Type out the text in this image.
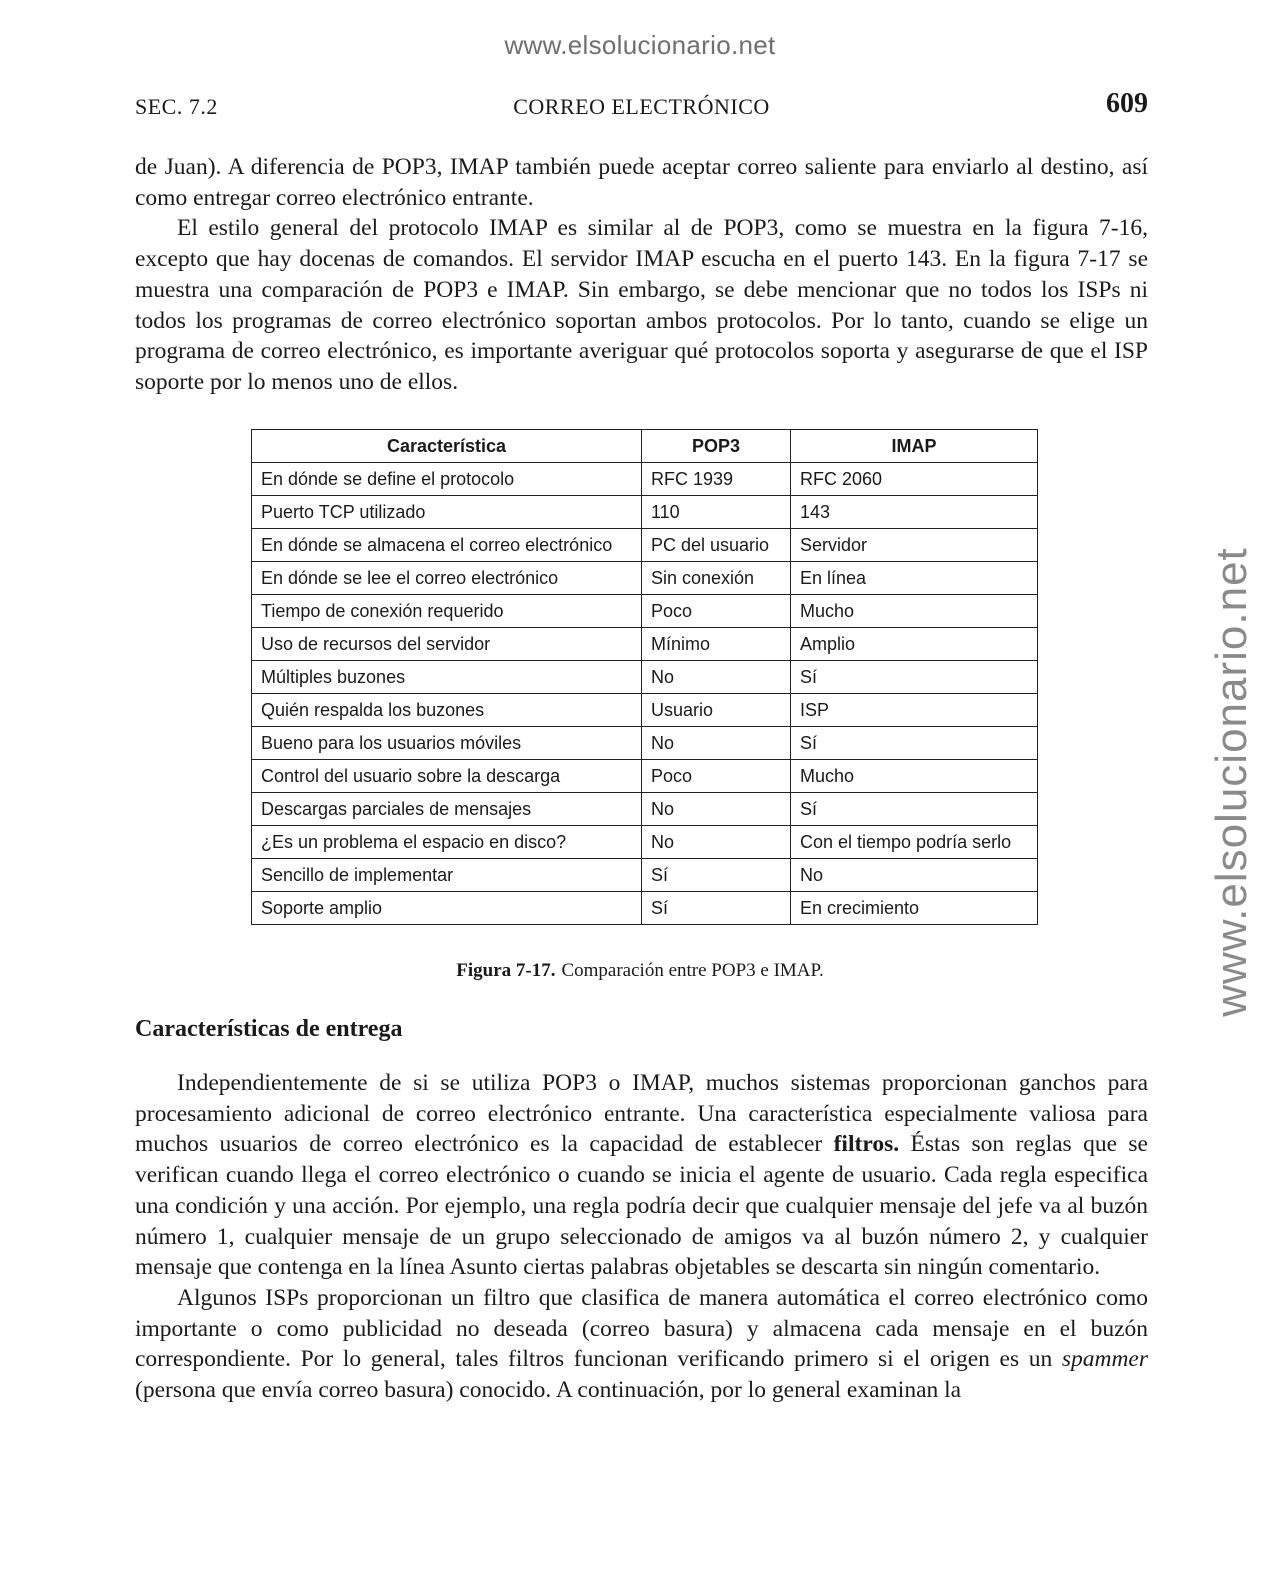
www.elsolucionario.net
www.elsolucionario.net
SEC. 7.2	CORREO ELECTRÓNICO	609

de Juan). A diferencia de POP3, IMAP también puede aceptar correo saliente para enviarlo al destino, así como entregar correo electrónico entrante.

El estilo general del protocolo IMAP es similar al de POP3, como se muestra en la figura 7-16, excepto que hay docenas de comandos. El servidor IMAP escucha en el puerto 143. En la figura 7-17 se muestra una comparación de POP3 e IMAP. Sin embargo, se debe mencionar que no todos los ISPs ni todos los programas de correo electrónico soportan ambos protocolos. Por lo tanto, cuando se elige un programa de correo electrónico, es importante averiguar qué protocolos soporta y asegurarse de que el ISP soporte por lo menos uno de ellos.

Característica	POP3	IMAP
En dónde se define el protocolo	RFC 1939	RFC 2060
Puerto TCP utilizado	110	143
En dónde se almacena el correo electrónico	PC del usuario	Servidor
En dónde se lee el correo electrónico	Sin conexión	En línea
Tiempo de conexión requerido	Poco	Mucho
Uso de recursos del servidor	Mínimo	Amplio
Múltiples buzones	No	Sí
Quién respalda los buzones	Usuario	ISP
Bueno para los usuarios móviles	No	Sí
Control del usuario sobre la descarga	Poco	Mucho
Descargas parciales de mensajes	No	Sí
¿Es un problema el espacio en disco?	No	Con el tiempo podría serlo
Sencillo de implementar	Sí	No
Soporte amplio	Sí	En crecimiento
Figura 7-17. Comparación entre POP3 e IMAP.
Características de entrega

Independientemente de si se utiliza POP3 o IMAP, muchos sistemas proporcionan ganchos para procesamiento adicional de correo electrónico entrante. Una característica especialmente valiosa para muchos usuarios de correo electrónico es la capacidad de establecer filtros. Éstas son reglas que se verifican cuando llega el correo electrónico o cuando se inicia el agente de usuario. Cada regla especifica una condición y una acción. Por ejemplo, una regla podría decir que cualquier mensaje del jefe va al buzón número 1, cualquier mensaje de un grupo seleccionado de amigos va al buzón número 2, y cualquier mensaje que contenga en la línea Asunto ciertas palabras objetables se descarta sin ningún comentario.

Algunos ISPs proporcionan un filtro que clasifica de manera automática el correo electrónico como importante o como publicidad no deseada (correo basura) y almacena cada mensaje en el buzón correspondiente. Por lo general, tales filtros funcionan verificando primero si el origen es un spammer (persona que envía correo basura) conocido. A continuación, por lo general examinan la
